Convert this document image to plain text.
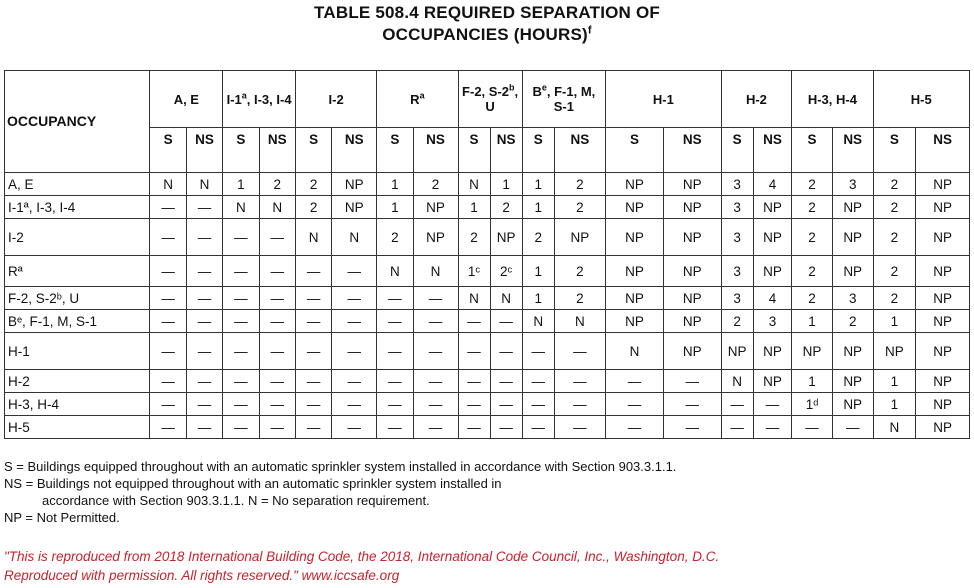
TABLE 508.4 REQUIRED SEPARATION OF
OCCUPANCIES (HOURS)$^f$
OCCUPANCY	A, E		I-1$^a$, I-3, I-4		I-2		$R^a$		F-2, S-2$^b$, U		$B^e$, F-1, M, S-1		H-1		H-2		H-3, H-4		H-5	
	S	NS	S	NS	S	NS	S	NS	S	NS	S	NS	S	NS	S	NS	S	NS	S	NS
A, E	N	N	1	2	2	NP	1	2	N	1	1	2	NP	NP	3	4	2	3	2	NP
I-1ª, I-3, I-4	—	—	N	N	2	NP	1	NP	1	2	1	2	NP	NP	3	NP	2	NP	2	NP
I-2	—	—	—	—	N	N	2	NP	2	NP	2	NP	NP	NP	3	NP	2	NP	2	NP
Rª	—	—	—	—	—	—	N	N	1ᶜ	2ᶜ	1	2	NP	NP	3	NP	2	NP	2	NP
F-2, S-2ᵇ, U	—	—	—	—	—	—	—	—	N	N	1	2	NP	NP	3	4	2	3	2	NP
Bᵉ, F-1, M, S-1	—	—	—	—	—	—	—	—	—	—	N	N	NP	NP	2	3	1	2	1	NP
H-1	—	—	—	—	—	—	—	—	—	—	—	—	N	NP	NP	NP	NP	NP	NP	NP
H-2	—	—	—	—	—	—	—	—	—	—	—	—	—	—	N	NP	1	NP	1	NP
H-3, H-4	—	—	—	—	—	—	—	—	—	—	—	—	—	—	—	—	1ᵈ	NP	1	NP
H-5	—	—	—	—	—	—	—	—	—	—	—	—	—	—	—	—	—	—	N	NP
S = Buildings equipped throughout with an automatic sprinkler system installed in accordance with Section 903.3.1.1.
NS = Buildings not equipped throughout with an automatic sprinkler system installed in
accordance with Section 903.3.1.1. N = No separation requirement.
NP = Not Permitted.
"This is reproduced from 2018 International Building Code, the 2018, International Code Council, Inc., Washington, D.C.
Reproduced with permission. All rights reserved." www.iccsafe.org
